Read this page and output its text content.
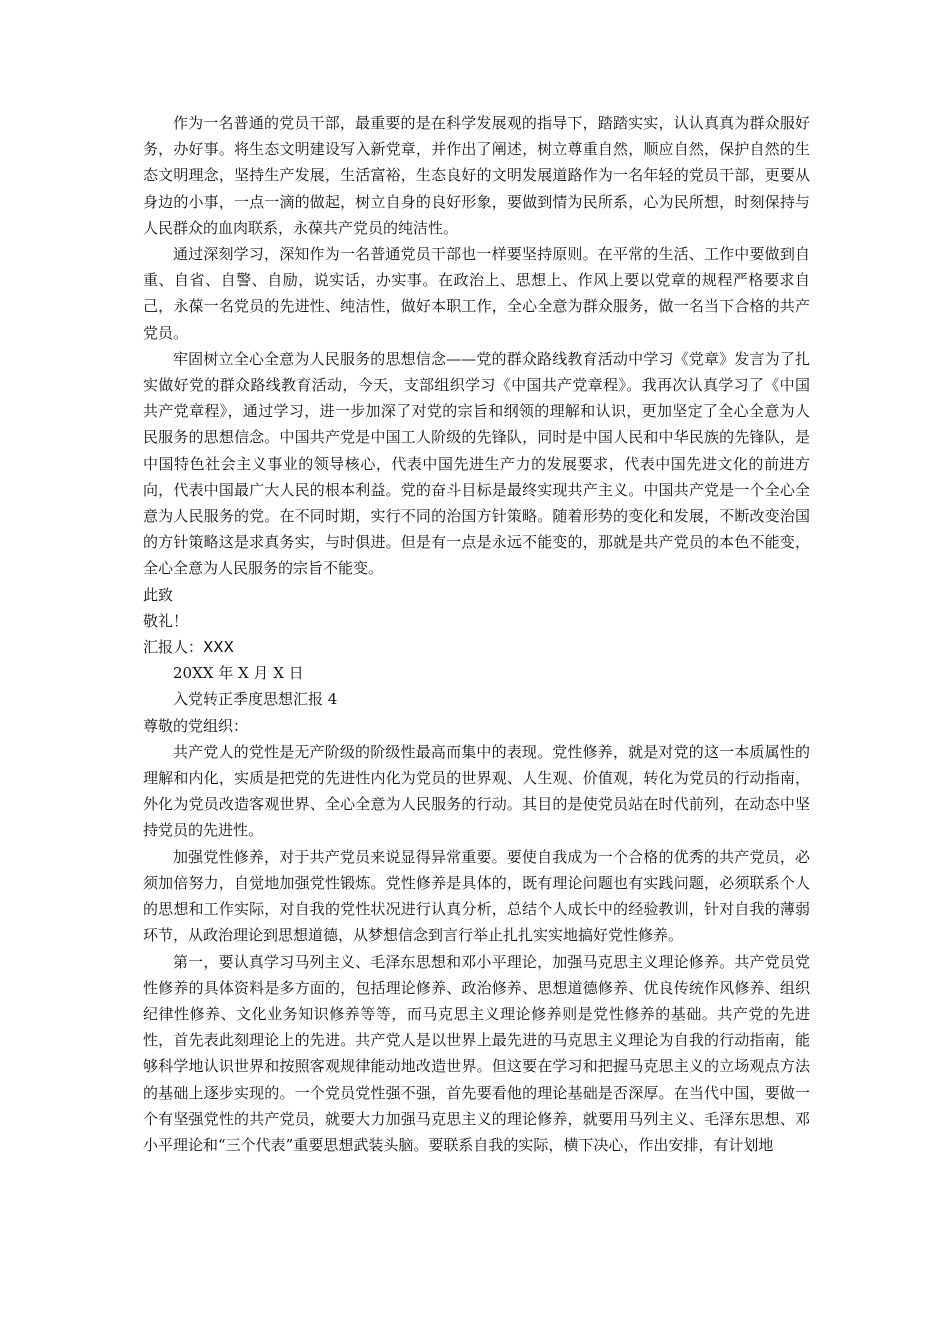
作为一名普通的党员干部，最重要的是在科学发展观的指导下，踏踏实实，认认真真为群众服好务，办好事。将生态文明建设写入新党章，并作出了阐述，树立尊重自然，顺应自然，保护自然的生态文明理念，坚持生产发展，生活富裕，生态良好的文明发展道路作为一名年轻的党员干部，更要从身边的小事，一点一滴的做起，树立自身的良好形象，要做到情为民所系，心为民所想，时刻保持与人民群众的血肉联系，永葆共产党员的纯洁性。

通过深刻学习，深知作为一名普通党员干部也一样要坚持原则。在平常的生活、工作中要做到自重、自省、自警、自励，说实话，办实事。在政治上、思想上、作风上要以党章的规程严格要求自己，永葆一名党员的先进性、纯洁性，做好本职工作，全心全意为群众服务，做一名当下合格的共产党员。

牢固树立全心全意为人民服务的思想信念——党的群众路线教育活动中学习《党章》发言为了扎实做好党的群众路线教育活动，今天，支部组织学习《中国共产党章程》。我再次认真学习了《中国共产党章程》，通过学习，进一步加深了对党的宗旨和纲领的理解和认识，更加坚定了全心全意为人民服务的思想信念。中国共产党是中国工人阶级的先锋队，同时是中国人民和中华民族的先锋队，是中国特色社会主义事业的领导核心，代表中国先进生产力的发展要求，代表中国先进文化的前进方向，代表中国最广大人民的根本利益。党的奋斗目标是最终实现共产主义。中国共产党是一个全心全意为人民服务的党。在不同时期，实行不同的治国方针策略。随着形势的变化和发展，不断改变治国的方针策略这是求真务实，与时俱进。但是有一点是永远不能变的，那就是共产党员的本色不能变，全心全意为人民服务的宗旨不能变。

此致

敬礼！

汇报人：XXX

20XX 年 X 月 X 日

入党转正季度思想汇报 4

尊敬的党组织：

共产党人的党性是无产阶级的阶级性最高而集中的表现。党性修养，就是对党的这一本质属性的理解和内化，实质是把党的先进性内化为党员的世界观、人生观、价值观，转化为党员的行动指南，外化为党员改造客观世界、全心全意为人民服务的行动。其目的是使党员站在时代前列，在动态中坚持党员的先进性。

加强党性修养，对于共产党员来说显得异常重要。要使自我成为一个合格的优秀的共产党员，必须加倍努力，自觉地加强党性锻炼。党性修养是具体的，既有理论问题也有实践问题，必须联系个人的思想和工作实际，对自我的党性状况进行认真分析，总结个人成长中的经验教训，针对自我的薄弱环节，从政治理论到思想道德，从梦想信念到言行举止扎扎实实地搞好党性修养。

第一，要认真学习马列主义、毛泽东思想和邓小平理论，加强马克思主义理论修养。共产党员党性修养的具体资料是多方面的，包括理论修养、政治修养、思想道德修养、优良传统作风修养、组织纪律性修养、文化业务知识修养等等，而马克思主义理论修养则是党性修养的基础。共产党的先进性，首先表此刻理论上的先进。共产党人是以世界上最先进的马克思主义理论为自我的行动指南，能够科学地认识世界和按照客观规律能动地改造世界。但这要在学习和把握马克思主义的立场观点方法的基础上逐步实现的。一个党员党性强不强，首先要看他的理论基础是否深厚。在当代中国，要做一个有坚强党性的共产党员，就要大力加强马克思主义的理论修养，就要用马列主义、毛泽东思想、邓小平理论和“三个代表”重要思想武装头脑。要联系自我的实际，横下决心，作出安排，有计划地
